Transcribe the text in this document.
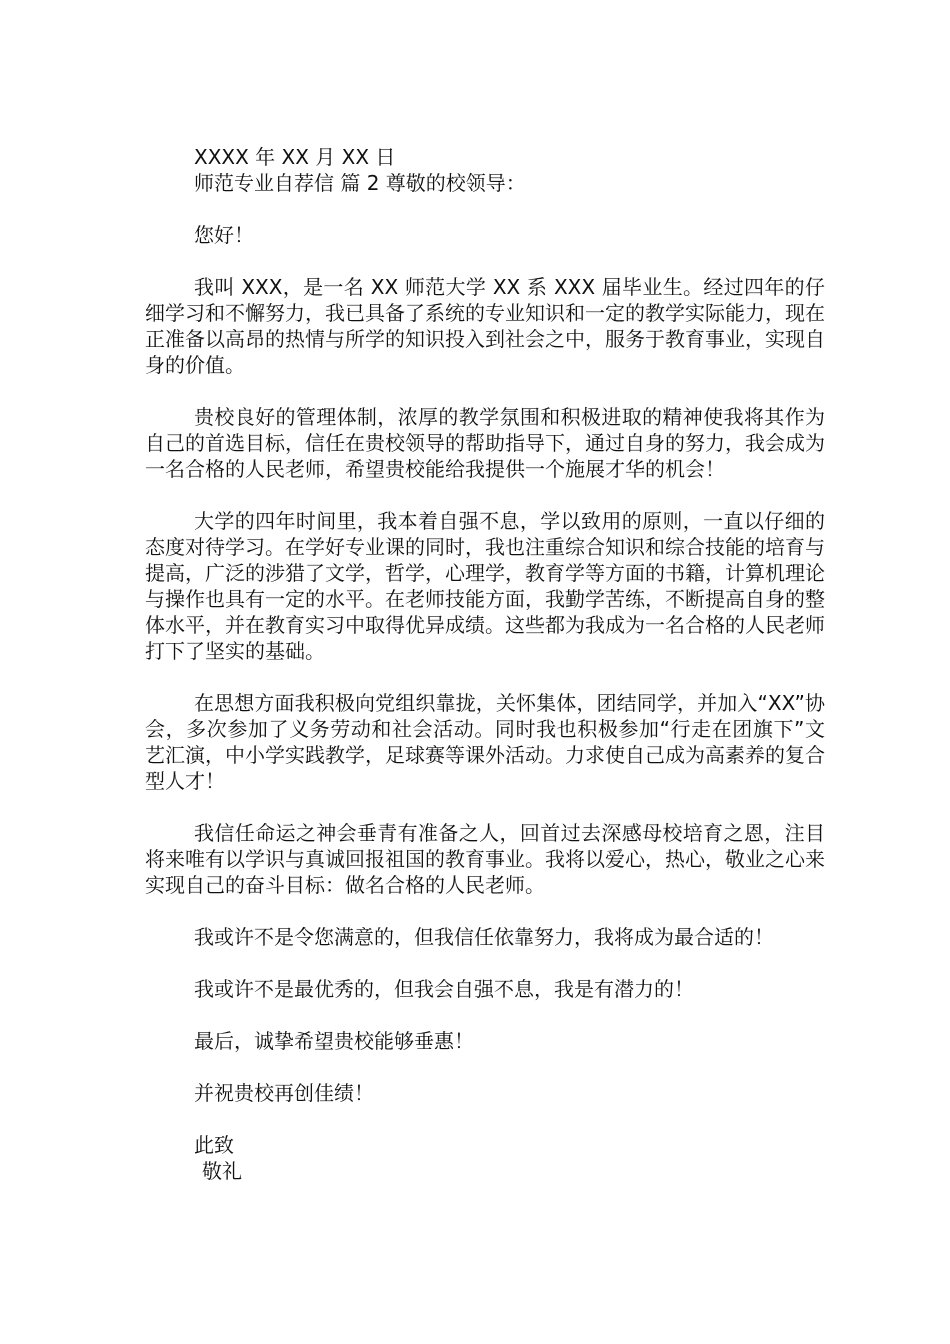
XXXX 年 XX 月 XX 日
师范专业自荐信 篇 2 尊敬的校领导：
您好！

我叫 XXX，是一名 XX 师范大学 XX 系 XXX 届毕业生。经过四年的仔细学习和不懈努力，我已具备了系统的专业知识和一定的教学实际能力，现在正准备以高昂的热情与所学的知识投入到社会之中，服务于教育事业，实现自身的价值。

贵校良好的管理体制，浓厚的教学氛围和积极进取的精神使我将其作为自己的首选目标，信任在贵校领导的帮助指导下，通过自身的努力，我会成为一名合格的人民老师，希望贵校能给我提供一个施展才华的机会！

大学的四年时间里，我本着自强不息，学以致用的原则，一直以仔细的态度对待学习。在学好专业课的同时，我也注重综合知识和综合技能的培育与提高，广泛的涉猎了文学，哲学，心理学，教育学等方面的书籍，计算机理论与操作也具有一定的水平。在老师技能方面，我勤学苦练，不断提高自身的整体水平，并在教育实习中取得优异成绩。这些都为我成为一名合格的人民老师打下了坚实的基础。

在思想方面我积极向党组织靠拢，关怀集体，团结同学，并加入“XX”协会，多次参加了义务劳动和社会活动。同时我也积极参加“行走在团旗下”文艺汇演，中小学实践教学，足球赛等课外活动。力求使自己成为高素养的复合型人才！

我信任命运之神会垂青有准备之人，回首过去深感母校培育之恩，注目将来唯有以学识与真诚回报祖国的教育事业。我将以爱心，热心，敬业之心来实现自己的奋斗目标：做名合格的人民老师。

我或许不是令您满意的，但我信任依靠努力，我将成为最合适的！

我或许不是最优秀的，但我会自强不息，我是有潜力的！

最后，诚挚希望贵校能够垂惠！

并祝贵校再创佳绩！

此致
敬礼
